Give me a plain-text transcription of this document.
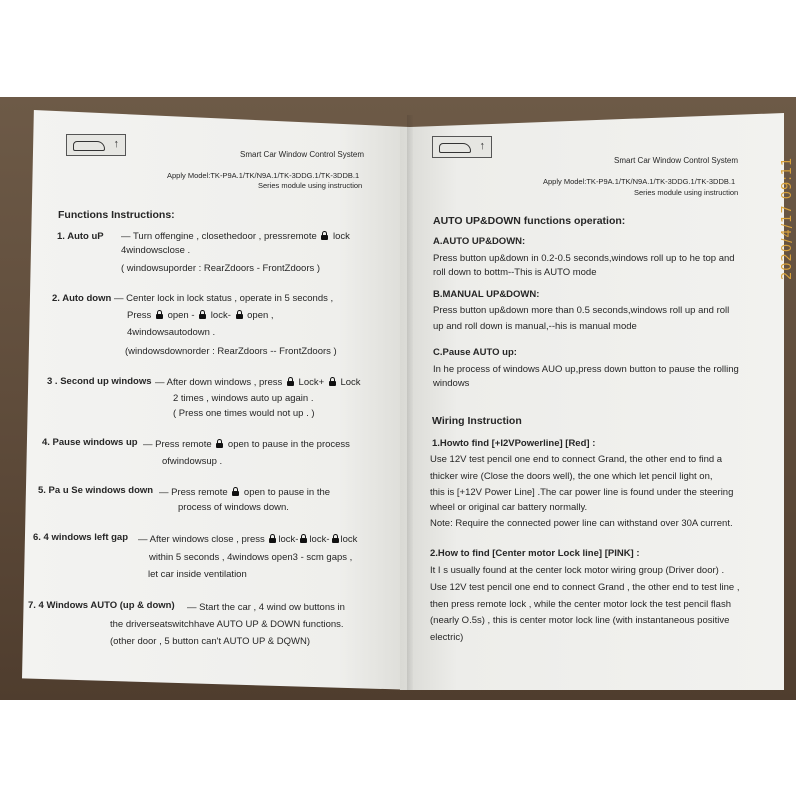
↑
Smart Car Window Control System
Apply Model:TK-P9A.1/TK/N9A.1/TK-3DDG.1/TK-3DDB.1
Series module using instruction
Functions Instructions:
1. Auto uP — Turn offengine , closethedoor , pressremote lock
4windowsclose .
( windowsuporder : RearZdoors - FrontZdoors )
2. Auto down — Center lock in lock status , operate in 5 seconds ,
Press open - lock- open ,
4windowsautodown .
(windowsdownorder : RearZdoors -- FrontZdoors )
3 . Second up windows — After down windows , press Lock+ Lock
2 times , windows auto up again .
( Press one times would not up . )
4. Pause windows up — Press remote open to pause in the process
ofwindowsup .
5. Pa u Se windows down — Press remote open to pause in the
process of windows down.
6. 4 windows left gap — After windows close , press lock- lock- lock
within 5 seconds , 4windows open3 - scm gaps ,
let car inside ventilation
7. 4 Windows AUTO (up & down) — Start the car , 4 wind ow buttons in
the driverseatswitchhave AUTO UP & DOWN functions.
(other door , 5 button can't AUTO UP & DQWN)
↑
Smart Car Window Control System
Apply Model:TK-P9A.1/TK/N9A.1/TK-3DDG.1/TK-3DDB.1
Series module using instruction
AUTO UP&DOWN functions operation:
A.AUTO UP&DOWN:
Press button up&down in 0.2-0.5 seconds,windows roll up to he top and
roll down to bottm--This is AUTO mode
B.MANUAL UP&DOWN:
Press button up&down more than 0.5 seconds,windows roll up and roll
up and roll down is manual,--his is manual mode
C.Pause AUTO up:
In he process of windows AUO up,press down button to pause the rolling
windows
Wiring Instruction
1.Howto find [+I2VPowerline] [Red] :
Use 12V test pencil one end to connect Grand, the other end to find a
thicker wire (Close the doors well), the one which let pencil light on,
this is [+12V Power Line] .The car power line is found under the steering
wheel or original car battery normally.
Note: Require the connected power line can withstand over 30A current.
2.How to find [Center motor Lock line] [PINK] :
It I s usually found at the center lock motor wiring group (Driver door) .
Use 12V test pencil one end to connect Grand , the other end to test line ,
then press remote lock , while the center motor lock the test pencil flash
(nearly O.5s) , this is center motor lock line (with instantaneous positive
electric)
2020/4/17 09:11
